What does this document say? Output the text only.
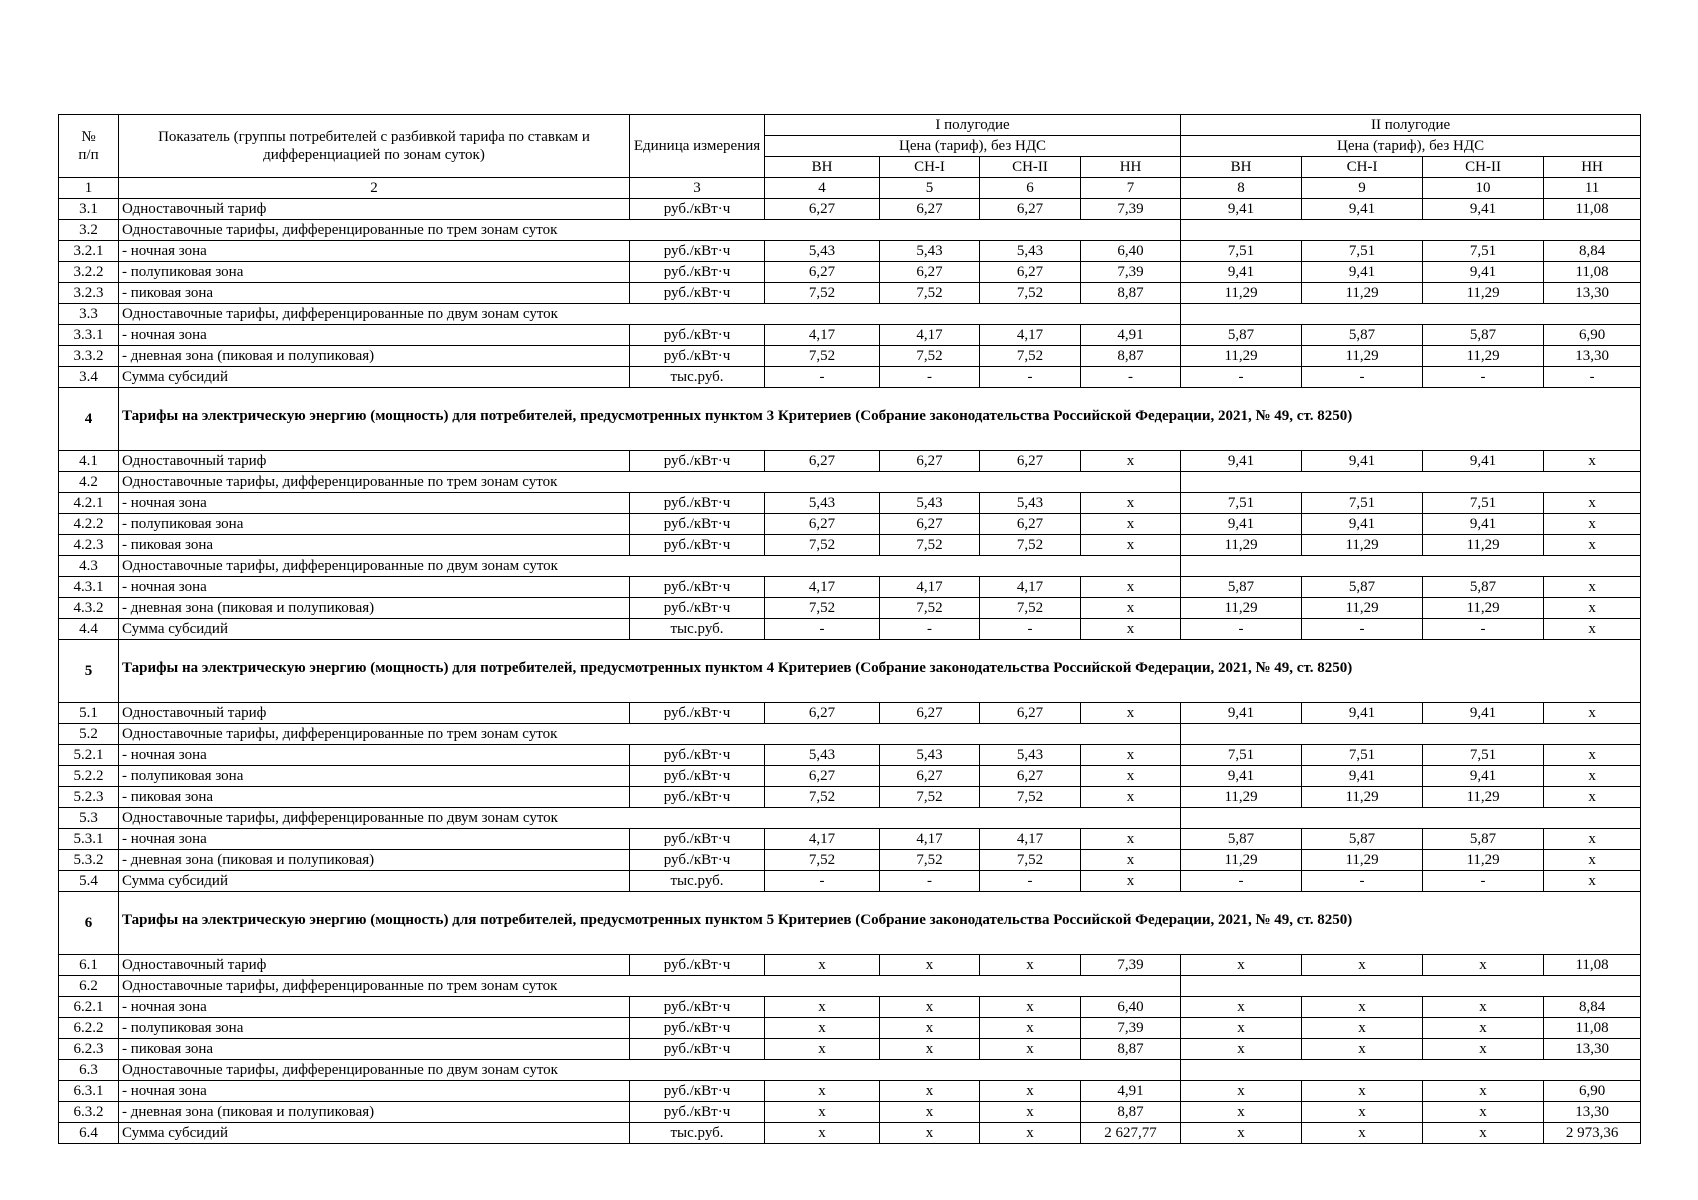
№
п/п	Показатель (группы потребителей с разбивкой тарифа по ставкам и дифференциацией по зонам суток)	Единица измерения	I полугодие				II полугодие			
			Цена (тариф), без НДС				Цена (тариф), без НДС			
			ВН	СН-I	СН-II	НН	ВН	СН-I	СН-II	НН
1	2	3	4	5	6	7	8	9	10	11
3.1	Одноставочный тариф	руб./кВт·ч	6,27	6,27	6,27	7,39	9,41	9,41	9,41	11,08
3.2	Одноставочные тарифы, дифференцированные по трем зонам суток									
3.2.1	- ночная зона	руб./кВт·ч	5,43	5,43	5,43	6,40	7,51	7,51	7,51	8,84
3.2.2	- полупиковая зона	руб./кВт·ч	6,27	6,27	6,27	7,39	9,41	9,41	9,41	11,08
3.2.3	- пиковая зона	руб./кВт·ч	7,52	7,52	7,52	8,87	11,29	11,29	11,29	13,30
3.3	Одноставочные тарифы, дифференцированные по двум зонам суток									
3.3.1	- ночная зона	руб./кВт·ч	4,17	4,17	4,17	4,91	5,87	5,87	5,87	6,90
3.3.2	- дневная зона (пиковая и полупиковая)	руб./кВт·ч	7,52	7,52	7,52	8,87	11,29	11,29	11,29	13,30
3.4	Сумма субсидий	тыс.руб.	-	-	-	-	-	-	-	-
4	Тарифы на электрическую энергию (мощность) для потребителей, предусмотренных пунктом 3 Критериев (Собрание законодательства Российской Федерации, 2021, № 49, ст. 8250)									
4.1	Одноставочный тариф	руб./кВт·ч	6,27	6,27	6,27	х	9,41	9,41	9,41	х
4.2	Одноставочные тарифы, дифференцированные по трем зонам суток									
4.2.1	- ночная зона	руб./кВт·ч	5,43	5,43	5,43	х	7,51	7,51	7,51	х
4.2.2	- полупиковая зона	руб./кВт·ч	6,27	6,27	6,27	х	9,41	9,41	9,41	х
4.2.3	- пиковая зона	руб./кВт·ч	7,52	7,52	7,52	х	11,29	11,29	11,29	х
4.3	Одноставочные тарифы, дифференцированные по двум зонам суток									
4.3.1	- ночная зона	руб./кВт·ч	4,17	4,17	4,17	х	5,87	5,87	5,87	х
4.3.2	- дневная зона (пиковая и полупиковая)	руб./кВт·ч	7,52	7,52	7,52	х	11,29	11,29	11,29	х
4.4	Сумма субсидий	тыс.руб.	-	-	-	х	-	-	-	х
5	Тарифы на электрическую энергию (мощность) для потребителей, предусмотренных пунктом 4 Критериев (Собрание законодательства Российской Федерации, 2021, № 49, ст. 8250)									
5.1	Одноставочный тариф	руб./кВт·ч	6,27	6,27	6,27	х	9,41	9,41	9,41	х
5.2	Одноставочные тарифы, дифференцированные по трем зонам суток									
5.2.1	- ночная зона	руб./кВт·ч	5,43	5,43	5,43	х	7,51	7,51	7,51	х
5.2.2	- полупиковая зона	руб./кВт·ч	6,27	6,27	6,27	х	9,41	9,41	9,41	х
5.2.3	- пиковая зона	руб./кВт·ч	7,52	7,52	7,52	х	11,29	11,29	11,29	х
5.3	Одноставочные тарифы, дифференцированные по двум зонам суток									
5.3.1	- ночная зона	руб./кВт·ч	4,17	4,17	4,17	х	5,87	5,87	5,87	х
5.3.2	- дневная зона (пиковая и полупиковая)	руб./кВт·ч	7,52	7,52	7,52	х	11,29	11,29	11,29	х
5.4	Сумма субсидий	тыс.руб.	-	-	-	х	-	-	-	х
6	Тарифы на электрическую энергию (мощность) для потребителей, предусмотренных пунктом 5 Критериев (Собрание законодательства Российской Федерации, 2021, № 49, ст. 8250)									
6.1	Одноставочный тариф	руб./кВт·ч	х	х	х	7,39	х	х	х	11,08
6.2	Одноставочные тарифы, дифференцированные по трем зонам суток									
6.2.1	- ночная зона	руб./кВт·ч	х	х	х	6,40	х	х	х	8,84
6.2.2	- полупиковая зона	руб./кВт·ч	х	х	х	7,39	х	х	х	11,08
6.2.3	- пиковая зона	руб./кВт·ч	х	х	х	8,87	х	х	х	13,30
6.3	Одноставочные тарифы, дифференцированные по двум зонам суток									
6.3.1	- ночная зона	руб./кВт·ч	х	х	х	4,91	х	х	х	6,90
6.3.2	- дневная зона (пиковая и полупиковая)	руб./кВт·ч	х	х	х	8,87	х	х	х	13,30
6.4	Сумма субсидий	тыс.руб.	х	х	х	2 627,77	х	х	х	2 973,36
